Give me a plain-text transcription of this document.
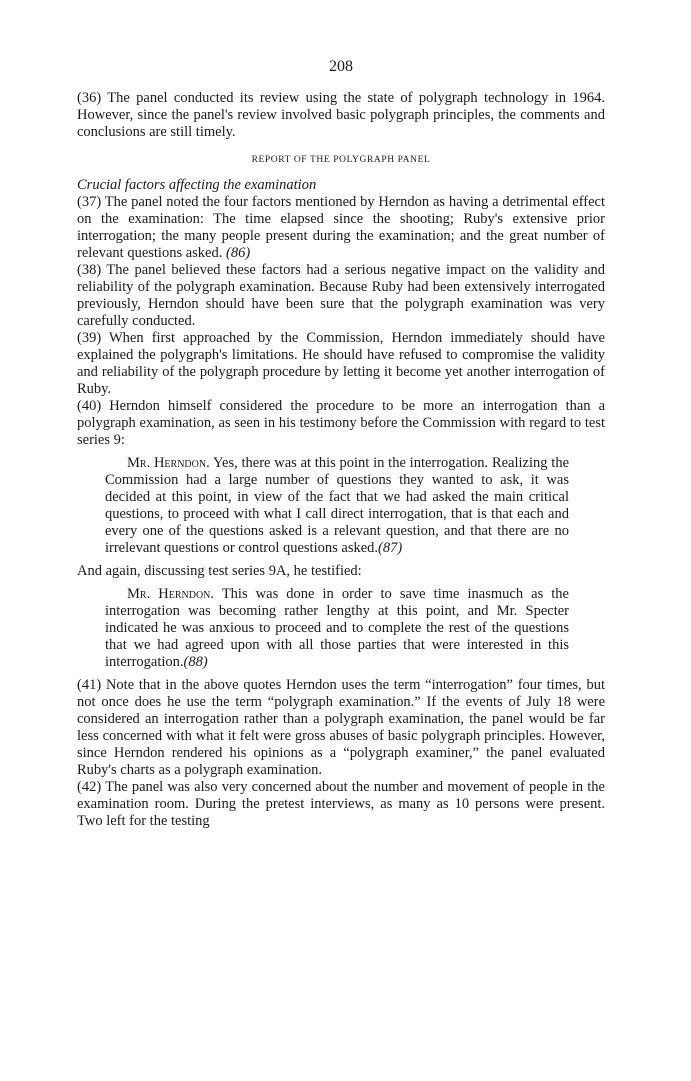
208

(36) The panel conducted its review using the state of polygraph technology in 1964. However, since the panel's review involved basic polygraph principles, the comments and conclusions are still timely.

REPORT OF THE POLYGRAPH PANEL
Crucial factors affecting the examination

(37) The panel noted the four factors mentioned by Herndon as having a detrimental effect on the examination: The time elapsed since the shooting; Ruby's extensive prior interrogation; the many people present during the examination; and the great number of relevant questions asked. (86)

(38) The panel believed these factors had a serious negative impact on the validity and reliability of the polygraph examination. Because Ruby had been extensively interrogated previously, Herndon should have been sure that the polygraph examination was very carefully conducted.

(39) When first approached by the Commission, Herndon immediately should have explained the polygraph's limitations. He should have refused to compromise the validity and reliability of the polygraph procedure by letting it become yet another interrogation of Ruby.

(40) Herndon himself considered the procedure to be more an interrogation than a polygraph examination, as seen in his testimony before the Commission with regard to test series 9:

Mr. Herndon. Yes, there was at this point in the interrogation. Realizing the Commission had a large number of questions they wanted to ask, it was decided at this point, in view of the fact that we had asked the main critical questions, to proceed with what I call direct interrogation, that is that each and every one of the questions asked is a relevant question, and that there are no irrelevant questions or control questions asked.(87)

And again, discussing test series 9A, he testified:

Mr. Herndon. This was done in order to save time inasmuch as the interrogation was becoming rather lengthy at this point, and Mr. Specter indicated he was anxious to proceed and to complete the rest of the questions that we had agreed upon with all those parties that were interested in this interrogation.(88)

(41) Note that in the above quotes Herndon uses the term “interrogation” four times, but not once does he use the term “polygraph examination.” If the events of July 18 were considered an interrogation rather than a polygraph examination, the panel would be far less concerned with what it felt were gross abuses of basic polygraph principles. However, since Herndon rendered his opinions as a “polygraph examiner,” the panel evaluated Ruby's charts as a polygraph examination.

(42) The panel was also very concerned about the number and movement of people in the examination room. During the pretest interviews, as many as 10 persons were present. Two left for the testing
